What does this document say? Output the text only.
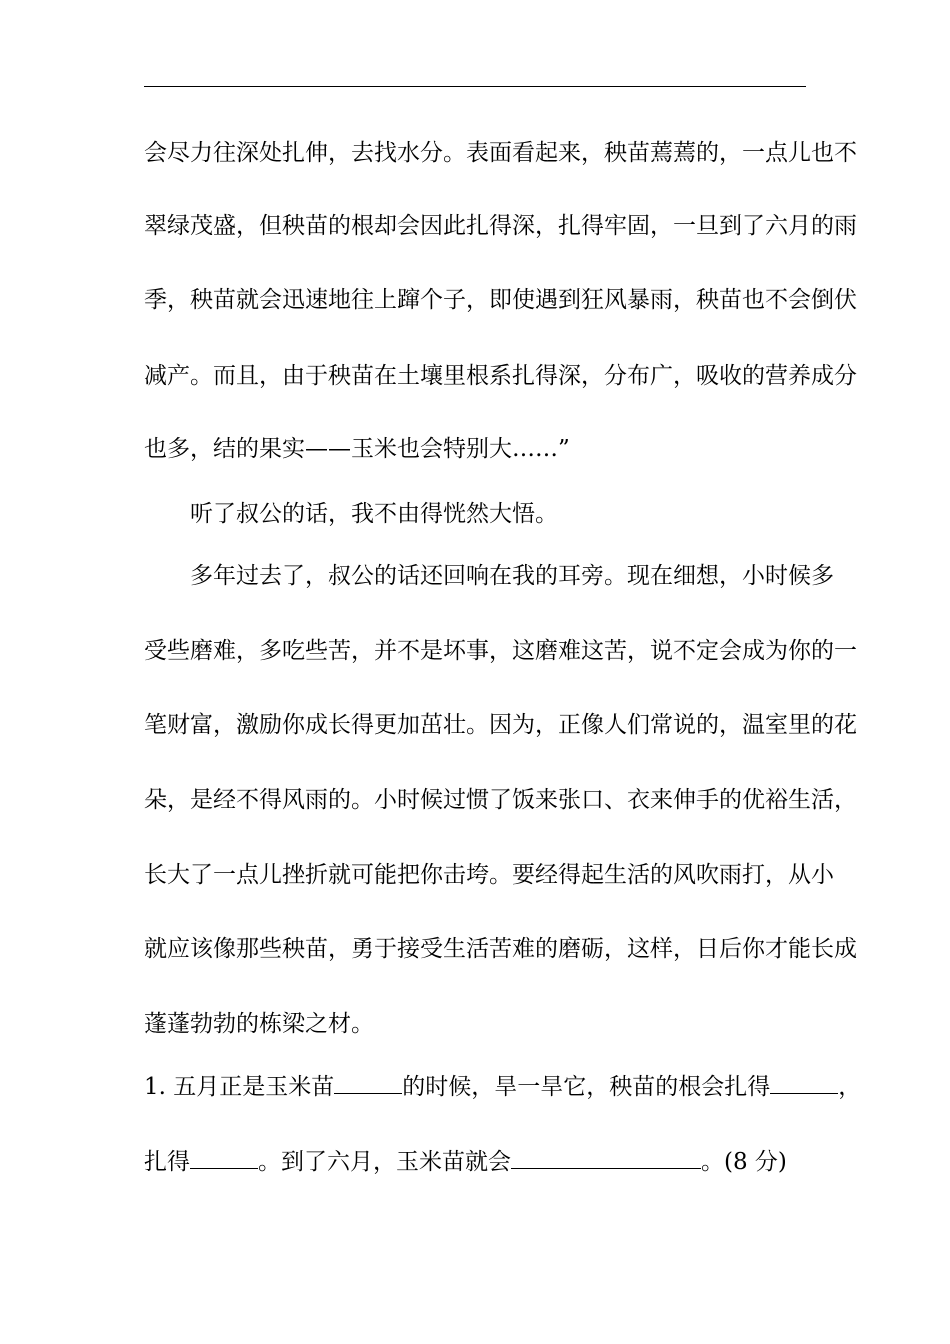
会尽力往深处扎伸，去找水分。表面看起来，秧苗蔫蔫的，一点儿也不
翠绿茂盛，但秧苗的根却会因此扎得深，扎得牢固，一旦到了六月的雨
季，秧苗就会迅速地往上蹿个子，即使遇到狂风暴雨，秧苗也不会倒伏
减产。而且，由于秧苗在土壤里根系扎得深，分布广，吸收的营养成分
也多，结的果实——玉米也会特别大……”
听了叔公的话，我不由得恍然大悟。
多年过去了，叔公的话还回响在我的耳旁。现在细想，小时候多
受些磨难，多吃些苦，并不是坏事，这磨难这苦，说不定会成为你的一
笔财富，激励你成长得更加茁壮。因为，正像人们常说的，温室里的花
朵，是经不得风雨的。小时候过惯了饭来张口、衣来伸手的优裕生活，
长大了一点儿挫折就可能把你击垮。要经得起生活的风吹雨打，从小
就应该像那些秧苗，勇于接受生活苦难的磨砺，这样，日后你才能长成
蓬蓬勃勃的栋梁之材。
1. 五月正是玉米苗	的时候，旱一旱它，秧苗的根会扎得	，
扎得	。到了六月，玉米苗就会	。(8 分)
